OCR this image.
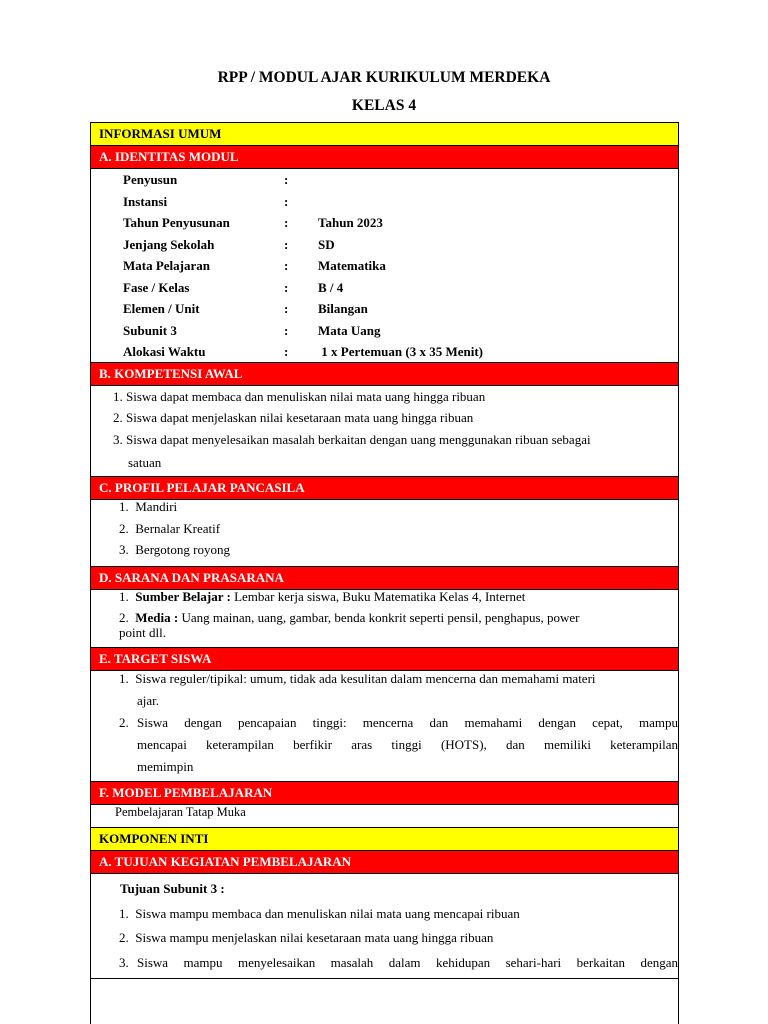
RPP / MODUL AJAR KURIKULUM MERDEKA
KELAS 4
INFORMASI UMUM
A. IDENTITAS MODUL
Penyusun	:
Instansi	:
Tahun Penyusunan	: Tahun 2023
Jenjang Sekolah	: SD
Mata Pelajaran	: Matematika
Fase / Kelas	: B / 4
Elemen / Unit	: Bilangan
Subunit 3	: Mata Uang
Alokasi Waktu	: 1 x Pertemuan (3 x 35 Menit)
B. KOMPETENSI AWAL
1. Siswa dapat membaca dan menuliskan nilai mata uang hingga ribuan
2. Siswa dapat menjelaskan nilai kesetaraan mata uang hingga ribuan
3. Siswa dapat menyelesaikan masalah berkaitan dengan uang menggunakan ribuan sebagai
satuan
C. PROFIL PELAJAR PANCASILA
1. Mandiri
2. Bernalar Kreatif
3. Bergotong royong
D. SARANA DAN PRASARANA
1. Sumber Belajar : Lembar kerja siswa, Buku Matematika Kelas 4, Internet
2. Media : Uang mainan, uang, gambar, benda konkrit seperti pensil, penghapus, power
point dll.
E. TARGET SISWA
1. Siswa reguler/tipikal: umum, tidak ada kesulitan dalam mencerna dan memahami materi
ajar.
2. Siswa dengan pencapaian tinggi: mencerna dan memahami dengan cepat, mampu
mencapai keterampilan berfikir aras tinggi (HOTS), dan memiliki keterampilan
memimpin
F. MODEL PEMBELAJARAN
Pembelajaran Tatap Muka
KOMPONEN INTI
A. TUJUAN KEGIATAN PEMBELAJARAN
Tujuan Subunit 3 :
1. Siswa mampu membaca dan menuliskan nilai mata uang mencapai ribuan
2. Siswa mampu menjelaskan nilai kesetaraan mata uang hingga ribuan
3. Siswa mampu menyelesaikan masalah dalam kehidupan sehari-hari berkaitan dengan
